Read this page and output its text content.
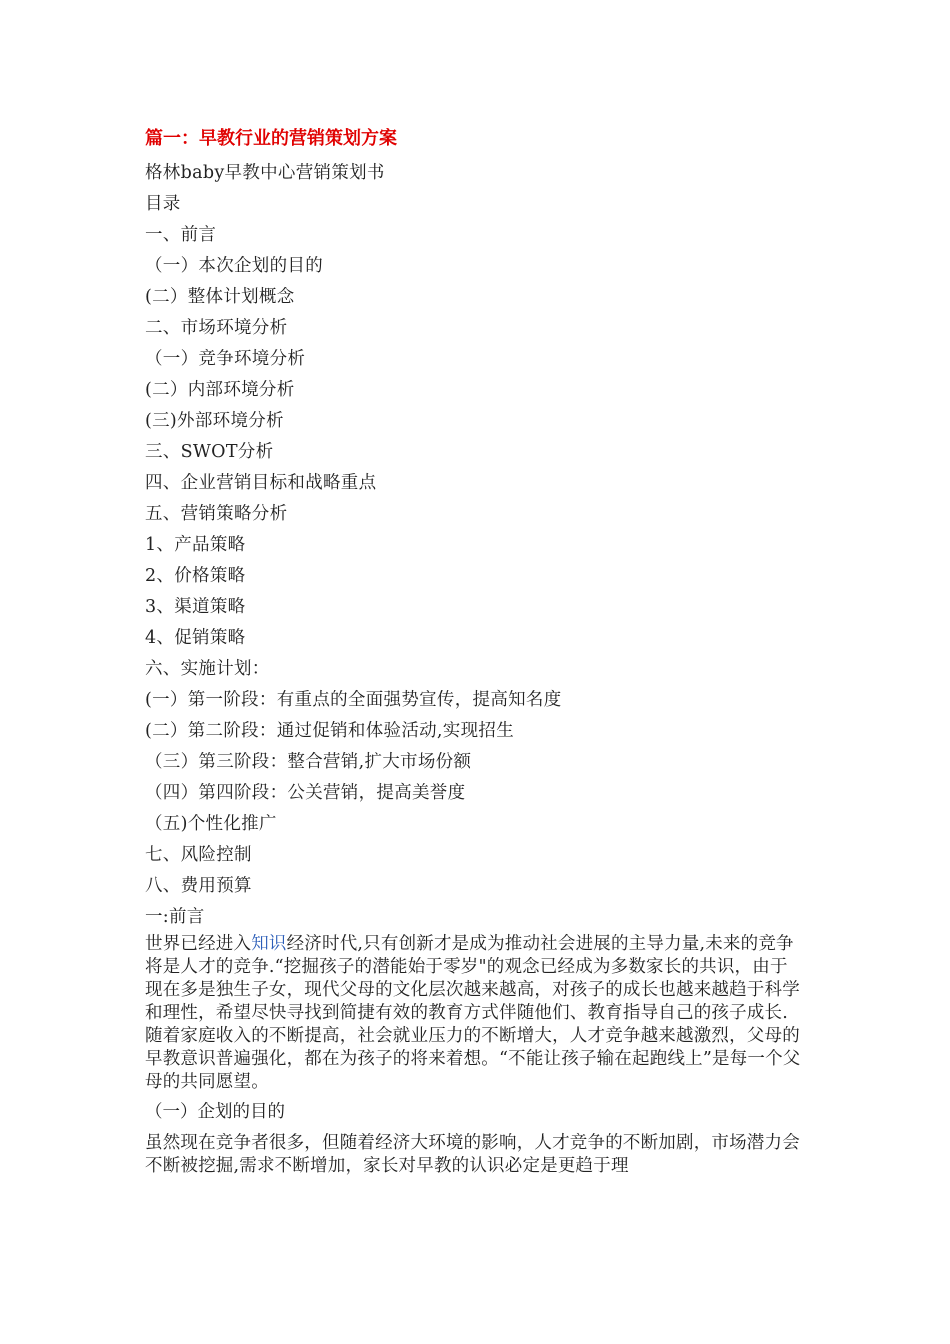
篇一：早教行业的营销策划方案
格林baby早教中心营销策划书
目录
一、前言
（一）本次企划的目的
(二）整体计划概念
二、市场环境分析
（一）竞争环境分析
(二）内部环境分析
(三)外部环境分析
三、SWOT分析
四、企业营销目标和战略重点
五、营销策略分析
1、产品策略
2、价格策略
3、渠道策略
4、促销策略
六、实施计划：
(一）第一阶段：有重点的全面强势宣传，提高知名度
(二）第二阶段：通过促销和体验活动,实现招生
（三）第三阶段：整合营销,扩大市场份额
（四）第四阶段：公关营销，提高美誉度
（五)个性化推广
七、风险控制
八、费用预算
一:前言

世界已经进入知识经济时代,只有创新才是成为推动社会进展的主导力量,未来的竞争将是人才的竞争.“挖掘孩子的潜能始于零岁"的观念已经成为多数家长的共识，由于现在多是独生子女，现代父母的文化层次越来越高，对孩子的成长也越来越趋于科学和理性，希望尽快寻找到简捷有效的教育方式伴随他们、教育指导自己的孩子成长.随着家庭收入的不断提高，社会就业压力的不断增大，人才竞争越来越激烈，父母的早教意识普遍强化，都在为孩子的将来着想。“不能让孩子输在起跑线上”是每一个父母的共同愿望。

（一）企划的目的

虽然现在竞争者很多，但随着经济大环境的影响，人才竞争的不断加剧，市场潜力会不断被挖掘,需求不断增加，家长对早教的认识必定是更趋于理
